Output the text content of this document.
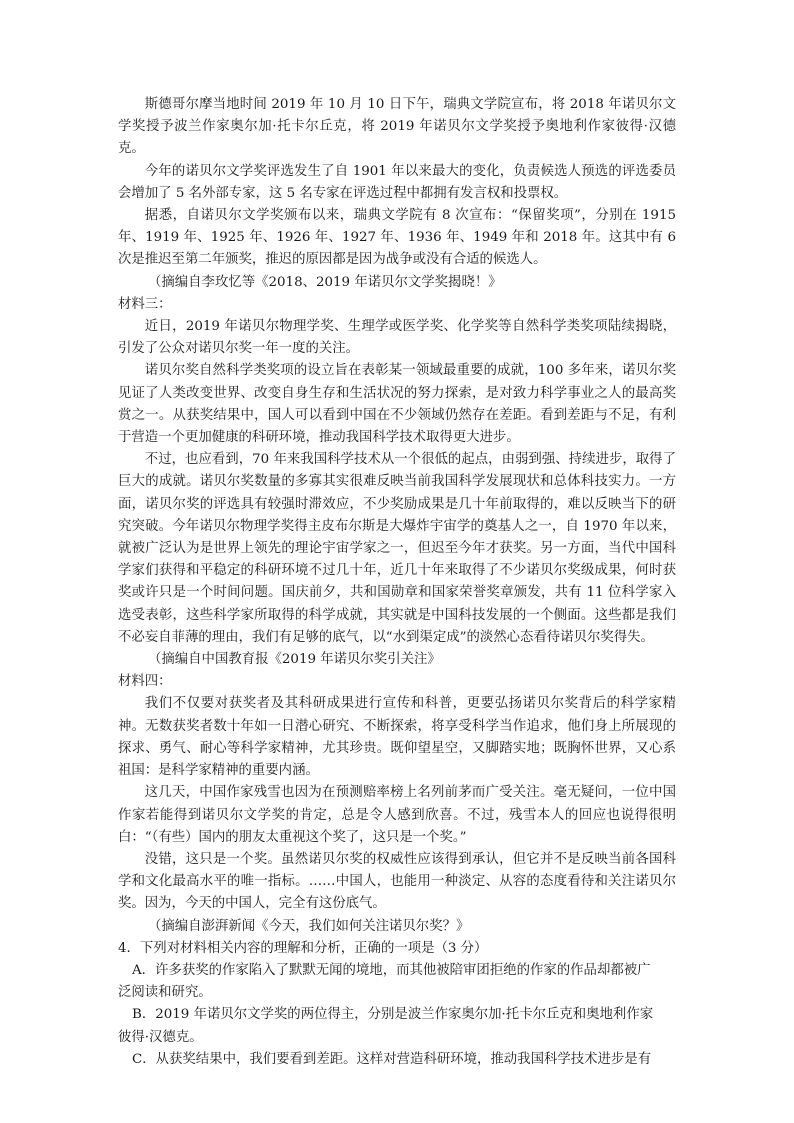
斯德哥尔摩当地时间 2019 年 10 月 10 日下午，瑞典文学院宣布，将 2018 年诺贝尔文学奖授予波兰作家奥尔加·托卡尔丘克，将 2019 年诺贝尔文学奖授予奥地利作家彼得·汉德克。

今年的诺贝尔文学奖评选发生了自 1901 年以来最大的变化，负责候选人预选的评选委员会增加了 5 名外部专家，这 5 名专家在评选过程中都拥有发言权和投票权。

据悉，自诺贝尔文学奖颁布以来，瑞典文学院有 8 次宣布：“保留奖项”，分别在 1915 年、1919 年、1925 年、1926 年、1927 年、1936 年、1949 年和 2018 年。这其中有 6 次是推迟至第二年颁奖，推迟的原因都是因为战争或没有合适的候选人。

（摘编自李玫忆等《2018、2019 年诺贝尔文学奖揭晓！》

材料三：

近日，2019 年诺贝尔物理学奖、生理学或医学奖、化学奖等自然科学类奖项陆续揭晓，引发了公众对诺贝尔奖一年一度的关注。

诺贝尔奖自然科学类奖项的设立旨在表彰某一领域最重要的成就，100 多年来，诺贝尔奖见证了人类改变世界、改变自身生存和生活状况的努力探索，是对致力科学事业之人的最高奖赏之一。从获奖结果中，国人可以看到中国在不少领域仍然存在差距。看到差距与不足，有利于营造一个更加健康的科研环境，推动我国科学技术取得更大进步。

不过，也应看到，70 年来我国科学技术从一个很低的起点，由弱到强、持续进步，取得了巨大的成就。诺贝尔奖数量的多寡其实很难反映当前我国科学发展现状和总体科技实力。一方面，诺贝尔奖的评选具有较强时滞效应，不少奖励成果是几十年前取得的，难以反映当下的研究突破。今年诺贝尔物理学奖得主皮布尔斯是大爆炸宇宙学的奠基人之一，自 1970 年以来，就被广泛认为是世界上领先的理论宇宙学家之一，但迟至今年才获奖。另一方面，当代中国科学家们获得和平稳定的科研环境不过几十年，近几十年来取得了不少诺贝尔奖级成果，何时获奖或许只是一个时间问题。国庆前夕，共和国勋章和国家荣誉奖章颁发，共有 11 位科学家入选受表彰，这些科学家所取得的科学成就，其实就是中国科技发展的一个侧面。这些都是我们不必妄自菲薄的理由，我们有足够的底气，以“水到渠定成”的淡然心态看待诺贝尔奖得失。

（摘编自中国教育报《2019 年诺贝尔奖引关注》

材料四：

我们不仅要对获奖者及其科研成果进行宣传和科普，更要弘扬诺贝尔奖背后的科学家精神。无数获奖者数十年如一日潜心研究、不断探索，将享受科学当作追求，他们身上所展现的探求、勇气、耐心等科学家精神，尤其珍贵。既仰望星空，又脚踏实地；既胸怀世界，又心系祖国：是科学家精神的重要内涵。

这几天，中国作家残雪也因为在预测赔率榜上名列前茅而广受关注。毫无疑问，一位中国作家若能得到诺贝尔文学奖的肯定，总是令人感到欣喜。不过，残雪本人的回应也说得很明白：“（有些）国内的朋友太重视这个奖了，这只是一个奖。”

没错，这只是一个奖。虽然诺贝尔奖的权威性应该得到承认，但它并不是反映当前各国科学和文化最高水平的唯一指标。……中国人，也能用一种淡定、从容的态度看待和关注诺贝尔奖。因为，今天的中国人，完全有这份底气。

（摘编自澎湃新闻《今天，我们如何关注诺贝尔奖？》

4．下列对材料相关内容的理解和分析，正确的一项是（3 分）

A．许多获奖的作家陷入了默默无闻的境地，而其他被陪审团拒绝的作家的作品却都被广

泛阅读和研究。

B．2019 年诺贝尔文学奖的两位得主，分别是波兰作家奥尔加·托卡尔丘克和奥地利作家

彼得·汉德克。

C．从获奖结果中，我们要看到差距。这样对营造科研环境，推动我国科学技术进步是有
